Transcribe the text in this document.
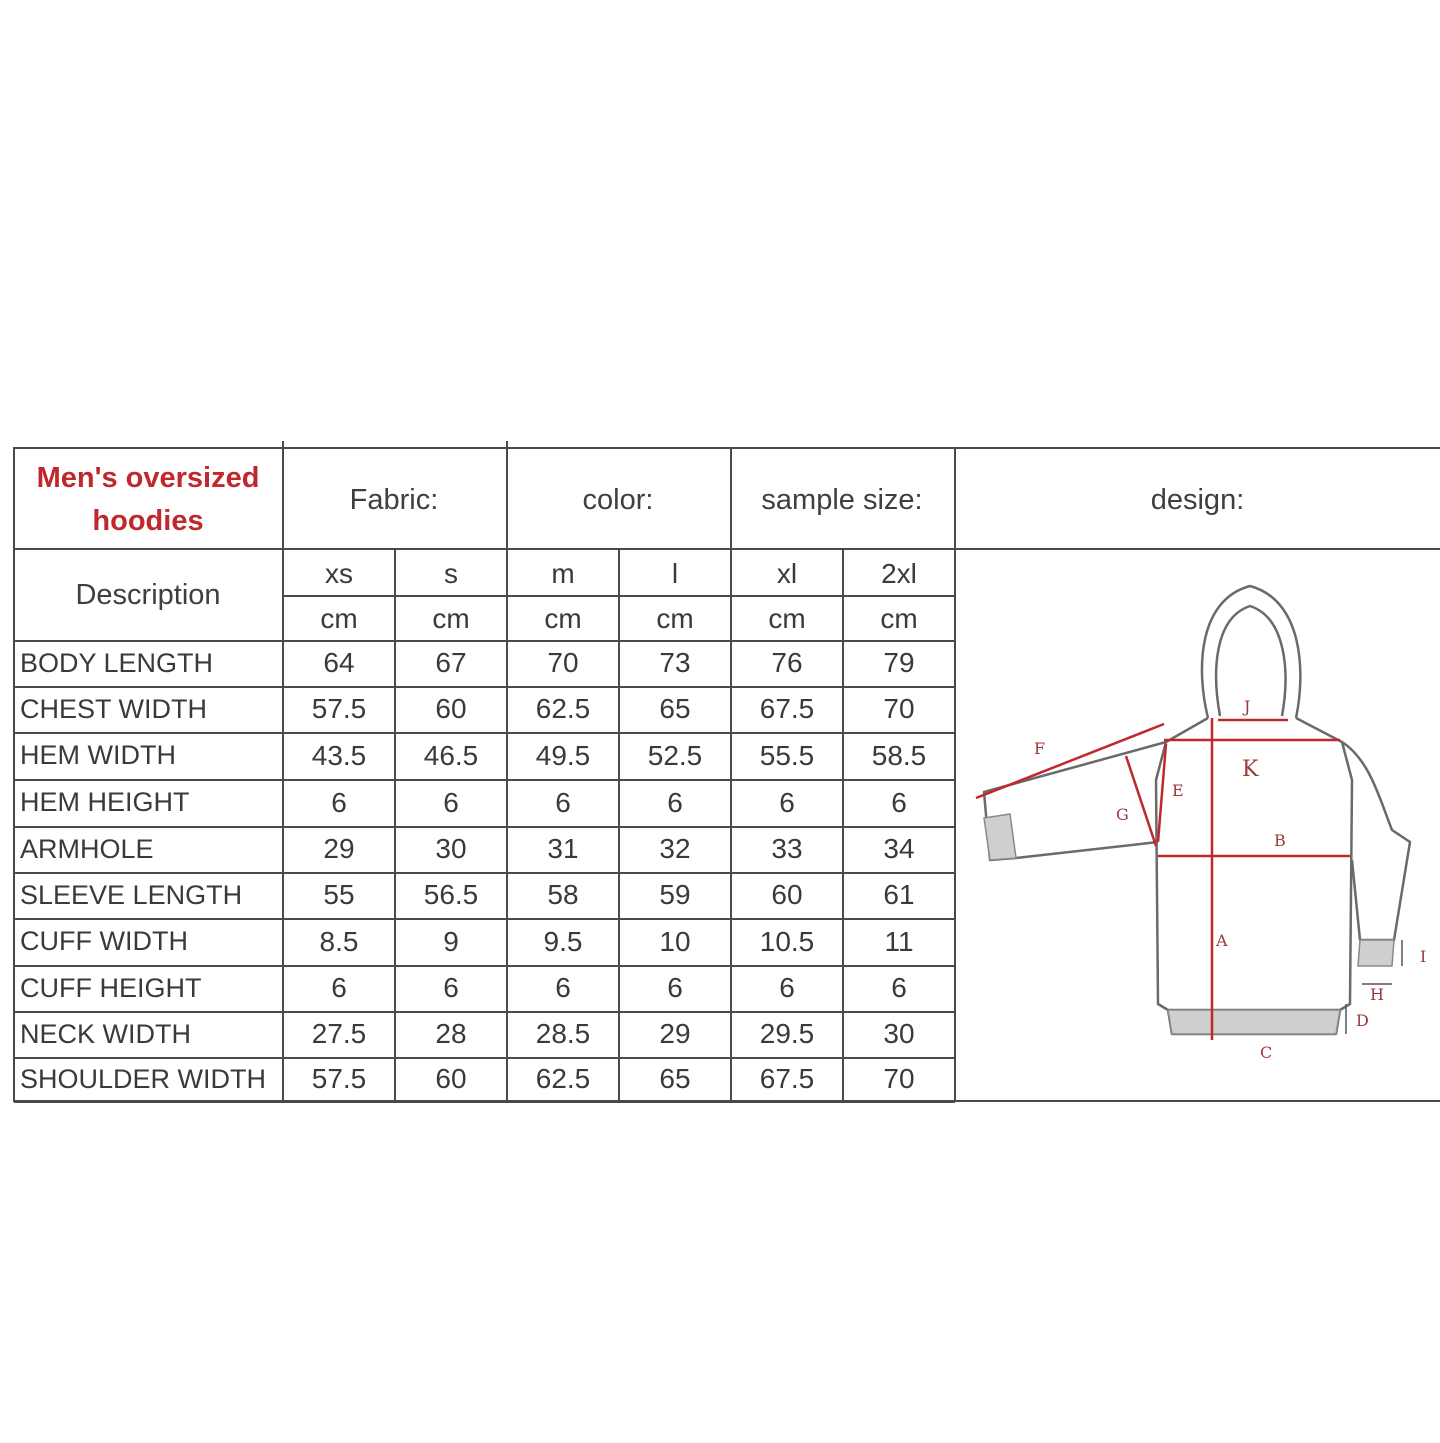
Men's oversized
hoodies
Fabric:	color:	sample size:	design:
Description
xs	s	m	l	xl	2xl
cm	cm	cm	cm	cm	cm
BODY LENGTH	64	67	70	73	76	79
CHEST WIDTH	57.5	60	62.5	65	67.5	70
HEM WIDTH	43.5	46.5	49.5	52.5	55.5	58.5
HEM HEIGHT	6	6	6	6	6	6
ARMHOLE	29	30	31	32	33	34
SLEEVE LENGTH	55	56.5	58	59	60	61
CUFF WIDTH	8.5	9	9.5	10	10.5	11
CUFF HEIGHT	6	6	6	6	6	6
NECK WIDTH	27.5	28	28.5	29	29.5	30
SHOULDER WIDTH	57.5	60	62.5	65	67.5	70
A
B
C
D
E
F
G
H
I
J
K
